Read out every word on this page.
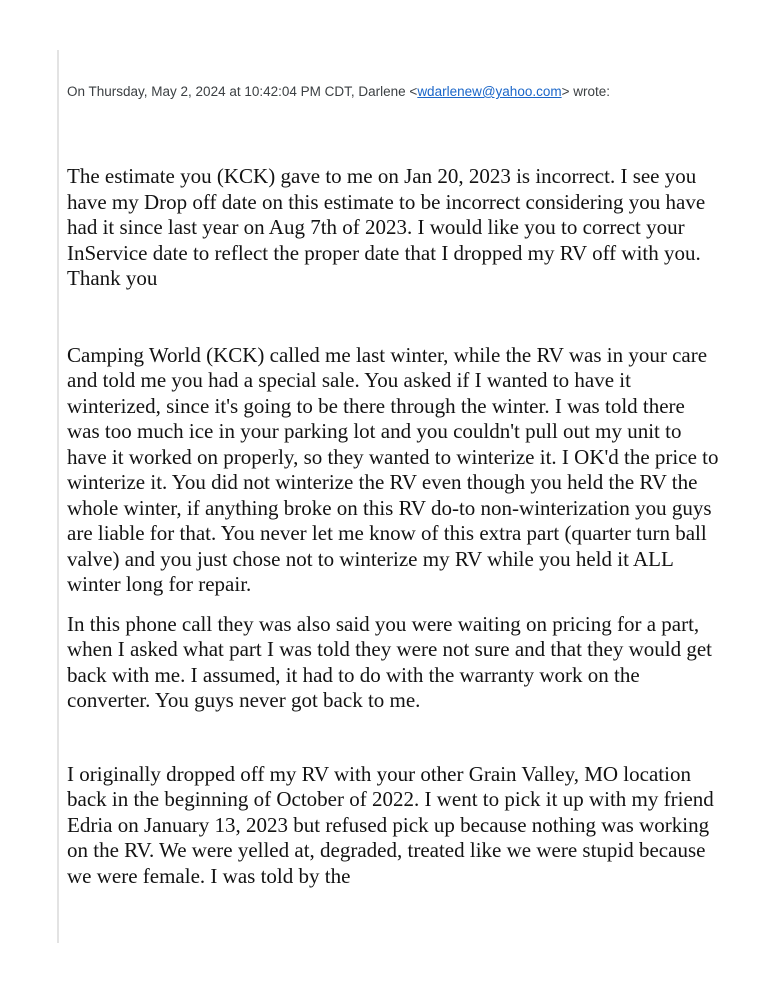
On Thursday, May 2, 2024 at 10:42:04 PM CDT, Darlene <wdarlenew@yahoo.com> wrote:

The estimate you (KCK) gave to me on Jan 20, 2023 is incorrect. I see you have my Drop off date on this estimate to be incorrect considering you have had it since last year on Aug 7th of 2023. I would like you to correct your InService date to reflect the proper date that I dropped my RV off with you. Thank you

Camping World (KCK) called me last winter, while the RV was in your care and told me you had a special sale. You asked if I wanted to have it winterized, since it's going to be there through the winter. I was told there was too much ice in your parking lot and you couldn't pull out my unit to have it worked on properly, so they wanted to winterize it. I OK'd the price to winterize it. You did not winterize the RV even though you held the RV the whole winter, if anything broke on this RV do-to non-winterization you guys are liable for that. You never let me know of this extra part (quarter turn ball valve) and you just chose not to winterize my RV while you held it ALL winter long for repair.

In this phone call they was also said you were waiting on pricing for a part, when I asked what part I was told they were not sure and that they would get back with me. I assumed, it had to do with the warranty work on the converter. You guys never got back to me.

I originally dropped off my RV with your other Grain Valley, MO location back in the beginning of October of 2022. I went to pick it up with my friend Edria on January 13, 2023 but refused pick up because nothing was working on the RV. We were yelled at, degraded, treated like we were stupid because we were female. I was told by the
